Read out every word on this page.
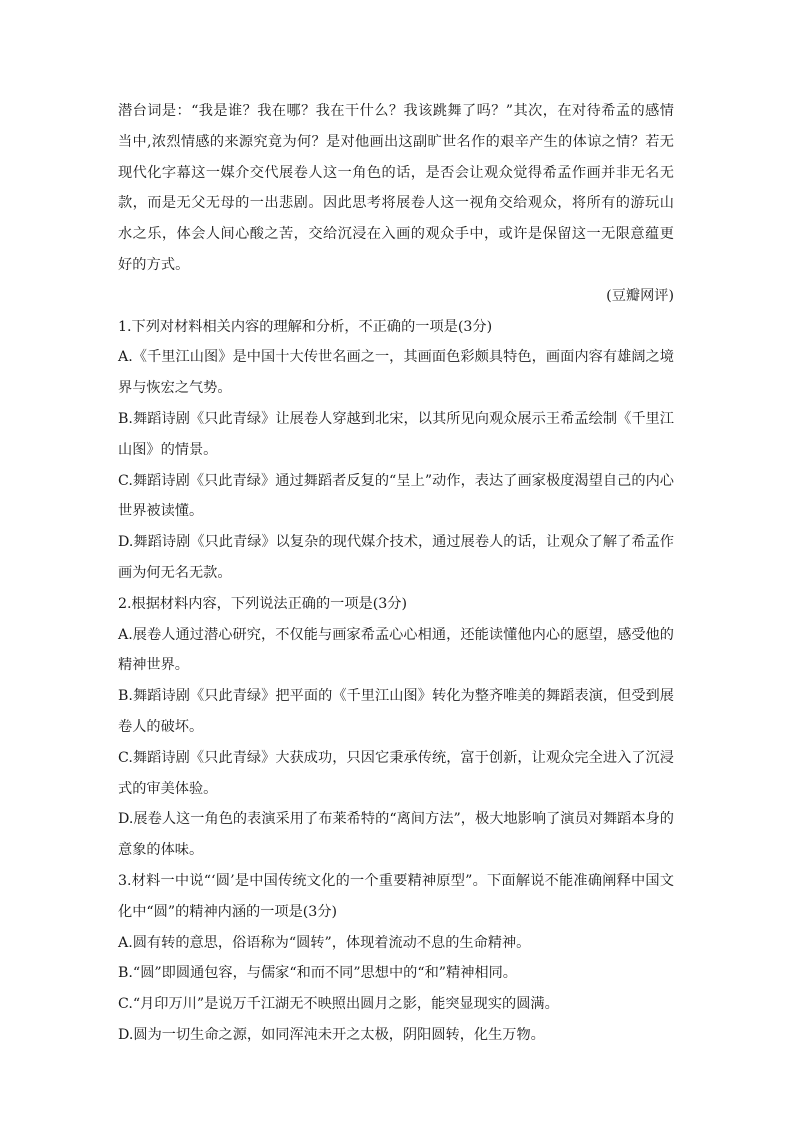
潜台词是：“我是谁？我在哪？我在干什么？我该跳舞了吗？”其次，在对待希孟的感情当中,浓烈情感的来源究竟为何？是对他画出这副旷世名作的艰辛产生的体谅之情？若无现代化字幕这一媒介交代展卷人这一角色的话，是否会让观众觉得希孟作画并非无名无款，而是无父无母的一出悲剧。因此思考将展卷人这一视角交给观众，将所有的游玩山水之乐，体会人间心酸之苦，交给沉浸在入画的观众手中，或许是保留这一无限意蕴更好的方式。

(豆瓣网评)

1.下列对材料相关内容的理解和分析，不正确的一项是(3分)

A.《千里江山图》是中国十大传世名画之一，其画面色彩颇具特色，画面内容有雄阔之境界与恢宏之气势。

B.舞蹈诗剧《只此青绿》让展卷人穿越到北宋，以其所见向观众展示王希孟绘制《千里江山图》的情景。

C.舞蹈诗剧《只此青绿》通过舞蹈者反复的“呈上”动作，表达了画家极度渴望自己的内心世界被读懂。

D.舞蹈诗剧《只此青绿》以复杂的现代媒介技术，通过展卷人的话，让观众了解了希孟作画为何无名无款。

2.根据材料内容，下列说法正确的一项是(3分)

A.展卷人通过潜心研究，不仅能与画家希孟心心相通，还能读懂他内心的愿望，感受他的精神世界。

B.舞蹈诗剧《只此青绿》把平面的《千里江山图》转化为整齐唯美的舞蹈表演，但受到展卷人的破坏。

C.舞蹈诗剧《只此青绿》大获成功，只因它秉承传统，富于创新，让观众完全进入了沉浸式的审美体验。

D.展卷人这一角色的表演采用了布莱希特的“离间方法”，极大地影响了演员对舞蹈本身的意象的体味。

3.材料一中说“‘圆’是中国传统文化的一个重要精神原型”。下面解说不能准确阐释中国文化中“圆”的精神内涵的一项是(3分)

A.圆有转的意思，俗语称为“圆转”，体现着流动不息的生命精神。

B.“圆”即圆通包容，与儒家“和而不同”思想中的“和”精神相同。

C.“月印万川”是说万千江湖无不映照出圆月之影，能突显现实的圆满。

D.圆为一切生命之源，如同浑沌未开之太极，阴阳圆转，化生万物。
